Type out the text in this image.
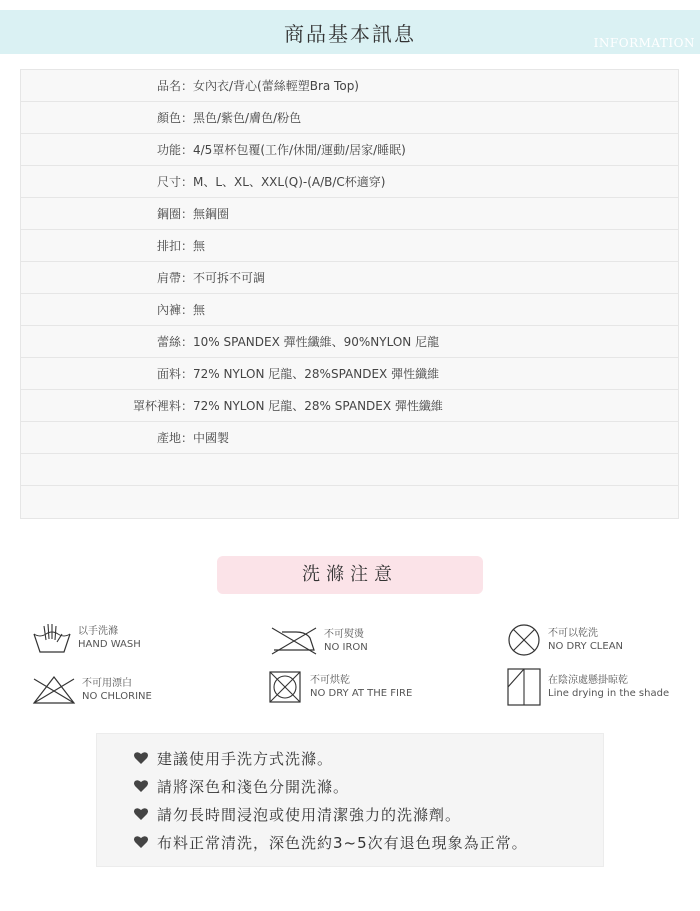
商品基本訊息	INFORMATION
品名 ： 女內衣/背心(蕾絲輕塑Bra Top)
顏色 ： 黑色/紫色/膚色/粉色
功能 ： 4/5罩杯包覆(工作/休閒/運動/居家/睡眠)
尺寸 ： M、L、XL、XXL(Q)-(A/B/C杯適穿)
鋼圈 ： 無鋼圈
排扣 ： 無
肩帶 ： 不可拆不可調
內褲 ： 無
蕾絲 ： 10% SPANDEX 彈性纖維、90%NYLON 尼龍
面料 ： 72% NYLON 尼龍、28%SPANDEX 彈性纖維
罩杯裡料 ： 72% NYLON 尼龍、28% SPANDEX 彈性纖維
產地 ： 中國製
洗滌注意
以手洗滌
HAND WASH
不可熨燙
NO IRON
不可以乾洗
NO DRY CLEAN
不可用漂白
NO CHLORINE
不可烘乾
NO DRY AT THE FIRE
在陰涼處懸掛晾乾
Line drying in the shade
建議使用手洗方式洗滌。
請將深色和淺色分開洗滌。
請勿長時間浸泡或使用清潔強力的洗滌劑。
布料正常清洗，深色洗約3~5次有退色現象為正常。
